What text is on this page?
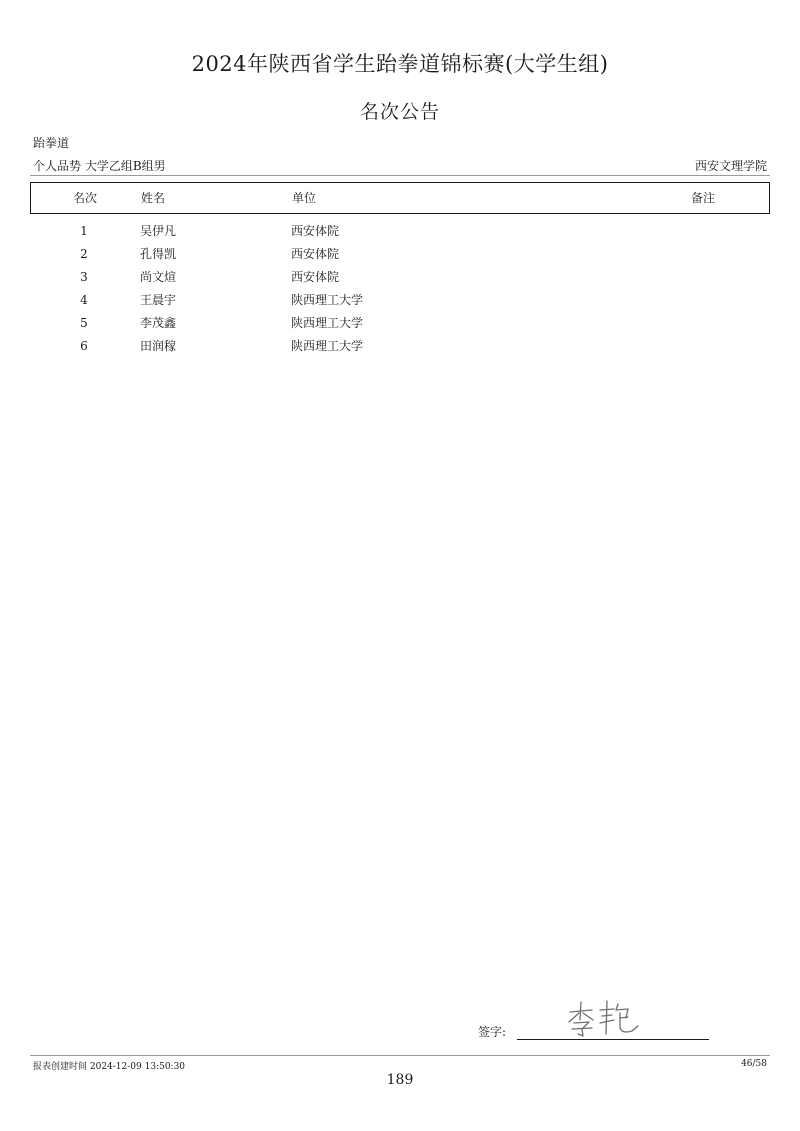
2024年陕西省学生跆拳道锦标赛(大学生组)
名次公告
跆拳道
个人品势 大学乙组B组男	西安文理学院
名次	姓名	单位	备注
1	吴伊凡	西安体院
2	孔得凯	西安体院
3	尚文煊	西安体院
4	王晨宇	陕西理工大学
5	李茂鑫	陕西理工大学
6	田润稼	陕西理工大学
签字:
报表创建时间 2024-12-09 13:50:30	46/58
189
